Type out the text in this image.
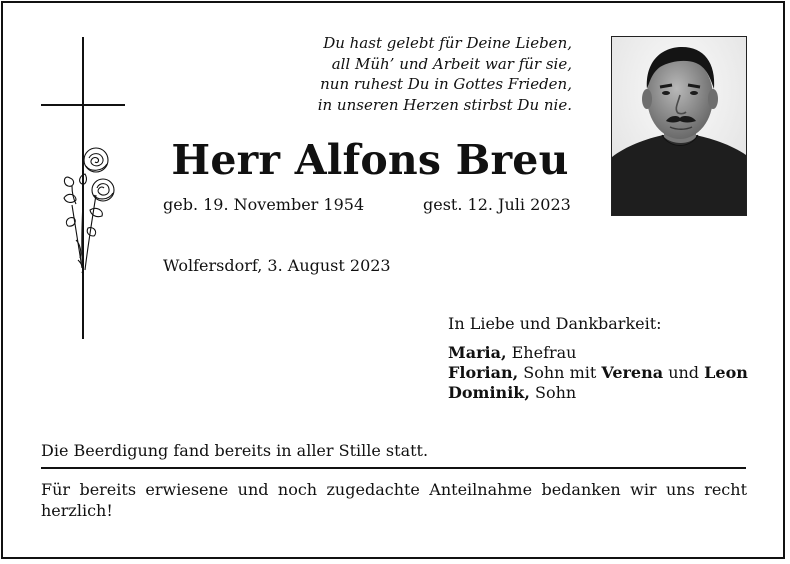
Du hast gelebt für Deine Lieben,
all Müh’ und Arbeit war für sie,
nun ruhest Du in Gottes Frieden,
in unseren Herzen stirbst Du nie.
Herr Alfons Breu
geb. 19. November 1954	gest. 12. Juli 2023
Wolfersdorf, 3. August 2023
In Liebe und Dankbarkeit:
Maria, Ehefrau
Florian, Sohn mit Verena und Leon
Dominik, Sohn
Die Beerdigung fand bereits in aller Stille statt.
Für bereits erwiesene und noch zugedachte Anteilnahme bedanken wir uns recht herzlich!
